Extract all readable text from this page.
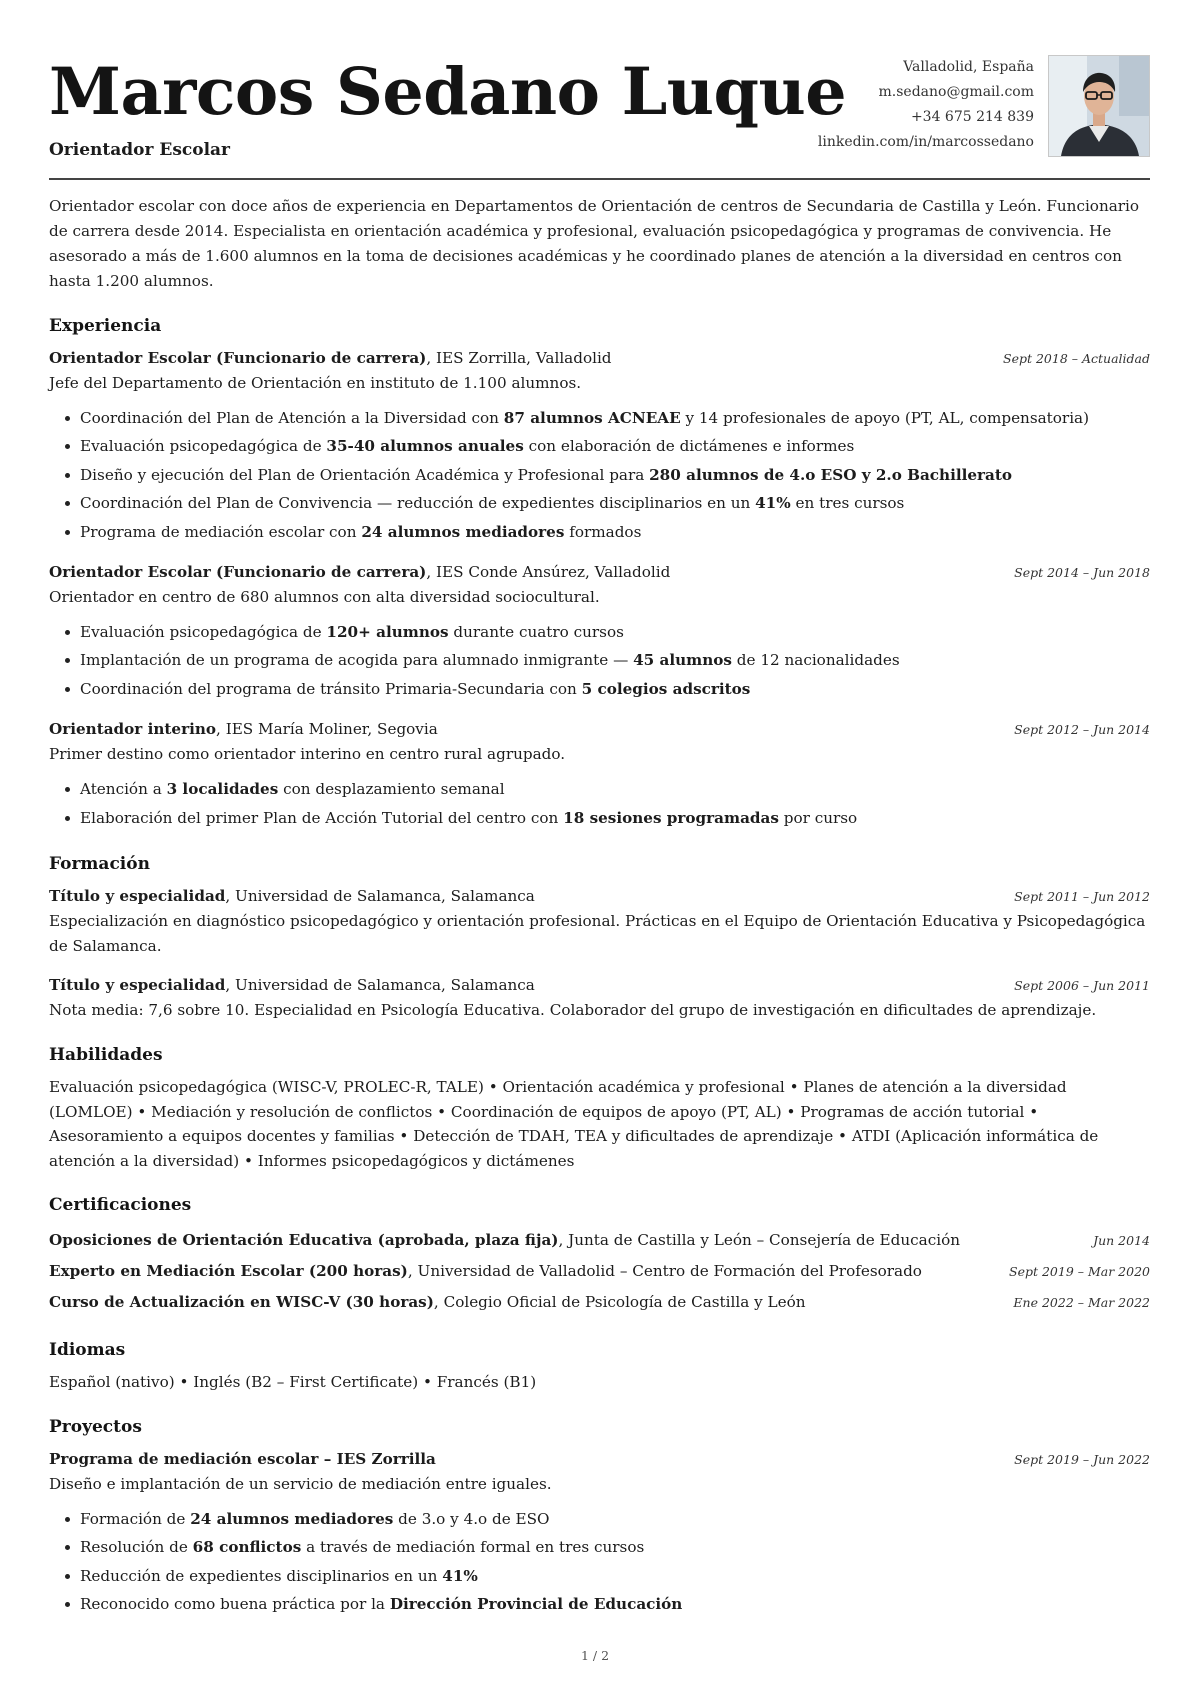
Marcos Sedano Luque
Orientador Escolar
Valladolid, España
m.sedano@gmail.com
+34 675 214 839
linkedin.com/in/marcossedano

Orientador escolar con doce años de experiencia en Departamentos de Orientación de centros de Secundaria de Castilla y León. Funcionario de carrera desde 2014. Especialista en orientación académica y profesional, evaluación psicopedagógica y programas de convivencia. He asesorado a más de 1.600 alumnos en la toma de decisiones académicas y he coordinado planes de atención a la diversidad en centros con hasta 1.200 alumnos.

Experiencia
Orientador Escolar (Funcionario de carrera), IES Zorrilla, Valladolid	Sept 2018 – Actualidad
Jefe del Departamento de Orientación en instituto de 1.100 alumnos.
Coordinación del Plan de Atención a la Diversidad con 87 alumnos ACNEAE y 14 profesionales de apoyo (PT, AL, compensatoria)
Evaluación psicopedagógica de 35-40 alumnos anuales con elaboración de dictámenes e informes
Diseño y ejecución del Plan de Orientación Académica y Profesional para 280 alumnos de 4.o ESO y 2.o Bachillerato
Coordinación del Plan de Convivencia — reducción de expedientes disciplinarios en un 41% en tres cursos
Programa de mediación escolar con 24 alumnos mediadores formados
Orientador Escolar (Funcionario de carrera), IES Conde Ansúrez, Valladolid	Sept 2014 – Jun 2018
Orientador en centro de 680 alumnos con alta diversidad sociocultural.
Evaluación psicopedagógica de 120+ alumnos durante cuatro cursos
Implantación de un programa de acogida para alumnado inmigrante — 45 alumnos de 12 nacionalidades
Coordinación del programa de tránsito Primaria-Secundaria con 5 colegios adscritos
Orientador interino, IES María Moliner, Segovia	Sept 2012 – Jun 2014
Primer destino como orientador interino en centro rural agrupado.
Atención a 3 localidades con desplazamiento semanal
Elaboración del primer Plan de Acción Tutorial del centro con 18 sesiones programadas por curso
Formación
Título y especialidad, Universidad de Salamanca, Salamanca	Sept 2011 – Jun 2012
Especialización en diagnóstico psicopedagógico y orientación profesional. Prácticas en el Equipo de Orientación Educativa y Psicopedagógica de Salamanca.
Título y especialidad, Universidad de Salamanca, Salamanca	Sept 2006 – Jun 2011
Nota media: 7,6 sobre 10. Especialidad en Psicología Educativa. Colaborador del grupo de investigación en dificultades de aprendizaje.
Habilidades
Evaluación psicopedagógica (WISC-V, PROLEC-R, TALE) • Orientación académica y profesional • Planes de atención a la diversidad (LOMLOE) • Mediación y resolución de conflictos • Coordinación de equipos de apoyo (PT, AL) • Programas de acción tutorial • Asesoramiento a equipos docentes y familias • Detección de TDAH, TEA y dificultades de aprendizaje • ATDI (Aplicación informática de atención a la diversidad) • Informes psicopedagógicos y dictámenes
Certificaciones
Oposiciones de Orientación Educativa (aprobada, plaza fija), Junta de Castilla y León – Consejería de Educación	Jun 2014
Experto en Mediación Escolar (200 horas), Universidad de Valladolid – Centro de Formación del Profesorado	Sept 2019 – Mar 2020
Curso de Actualización en WISC-V (30 horas), Colegio Oficial de Psicología de Castilla y León	Ene 2022 – Mar 2022
Idiomas
Español (nativo) • Inglés (B2 – First Certificate) • Francés (B1)
Proyectos
Programa de mediación escolar – IES Zorrilla	Sept 2019 – Jun 2022
Diseño e implantación de un servicio de mediación entre iguales.
Formación de 24 alumnos mediadores de 3.o y 4.o de ESO
Resolución de 68 conflictos a través de mediación formal en tres cursos
Reducción de expedientes disciplinarios en un 41%
Reconocido como buena práctica por la Dirección Provincial de Educación
1 / 2
